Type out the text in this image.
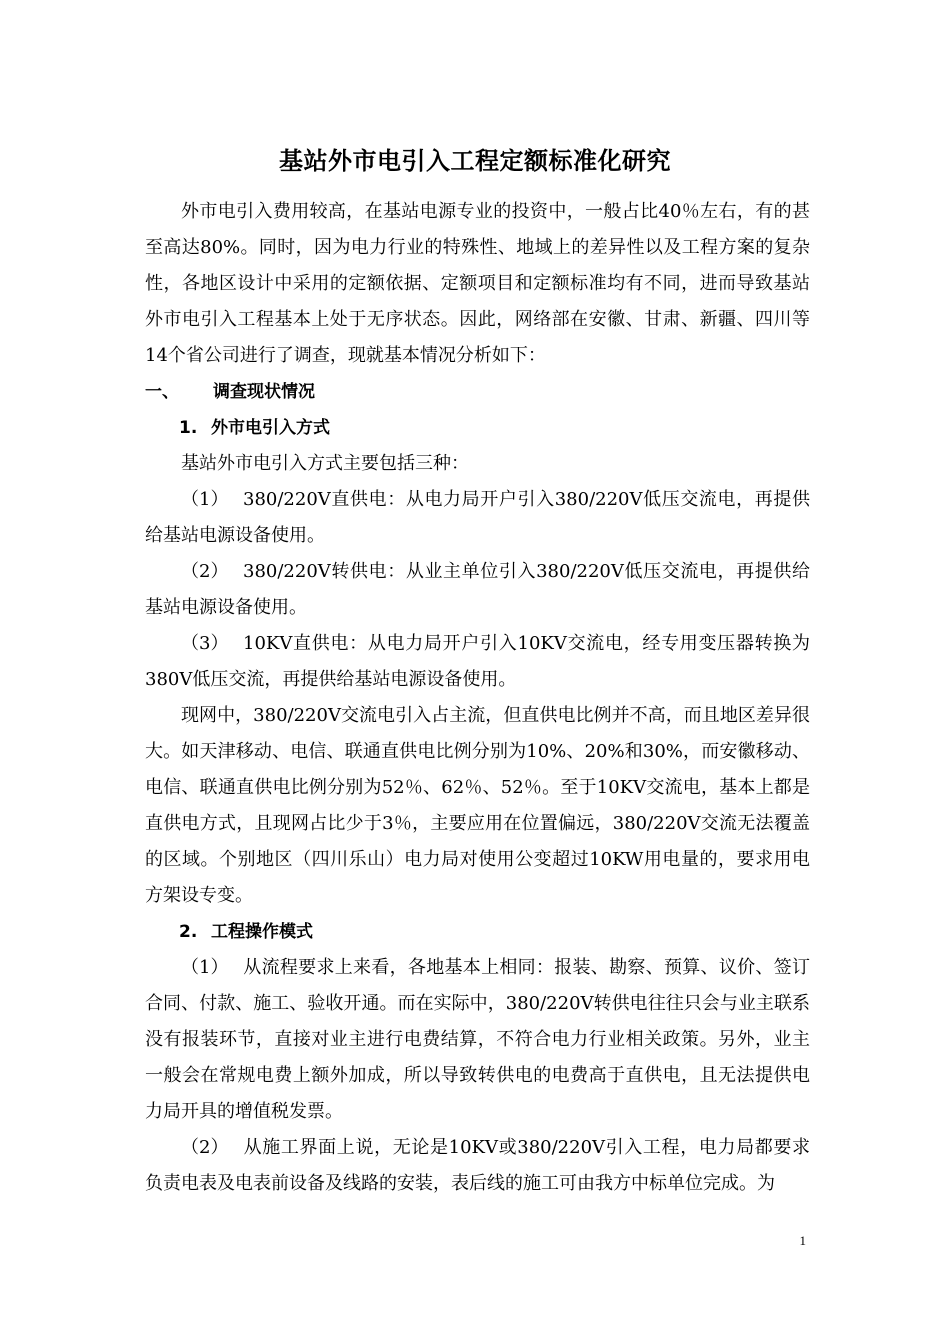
基站外市电引入工程定额标准化研究

外市电引入费用较高，在基站电源专业的投资中，一般占比40％左右，有的甚至高达80%。同时，因为电力行业的特殊性、地域上的差异性以及工程方案的复杂性，各地区设计中采用的定额依据、定额项目和定额标准均有不同，进而导致基站外市电引入工程基本上处于无序状态。因此，网络部在安徽、甘肃、新疆、四川等14个省公司进行了调查，现就基本情况分析如下：

一、 调查现状情况

1. 外市电引入方式

基站外市电引入方式主要包括三种：

（1） 380/220V直供电：从电力局开户引入380/220V低压交流电，再提供给基站电源设备使用。

（2） 380/220V转供电：从业主单位引入380/220V低压交流电，再提供给基站电源设备使用。

（3） 10KV直供电：从电力局开户引入10KV交流电，经专用变压器转换为380V低压交流，再提供给基站电源设备使用。

现网中，380/220V交流电引入占主流，但直供电比例并不高，而且地区差异很大。如天津移动、电信、联通直供电比例分别为10%、20%和30%，而安徽移动、电信、联通直供电比例分别为52％、62％、52％。至于10KV交流电，基本上都是直供电方式，且现网占比少于3％，主要应用在位置偏远，380/220V交流无法覆盖的区域。个别地区（四川乐山）电力局对使用公变超过10KW用电量的，要求用电方架设专变。

2. 工程操作模式

（1） 从流程要求上来看，各地基本上相同：报装、勘察、预算、议价、签订合同、付款、施工、验收开通。而在实际中，380/220V转供电往往只会与业主联系没有报装环节，直接对业主进行电费结算，不符合电力行业相关政策。另外，业主一般会在常规电费上额外加成，所以导致转供电的电费高于直供电，且无法提供电力局开具的增值税发票。

（2） 从施工界面上说，无论是10KV或380/220V引入工程，电力局都要求负责电表及电表前设备及线路的安装，表后线的施工可由我方中标单位完成。为

1
